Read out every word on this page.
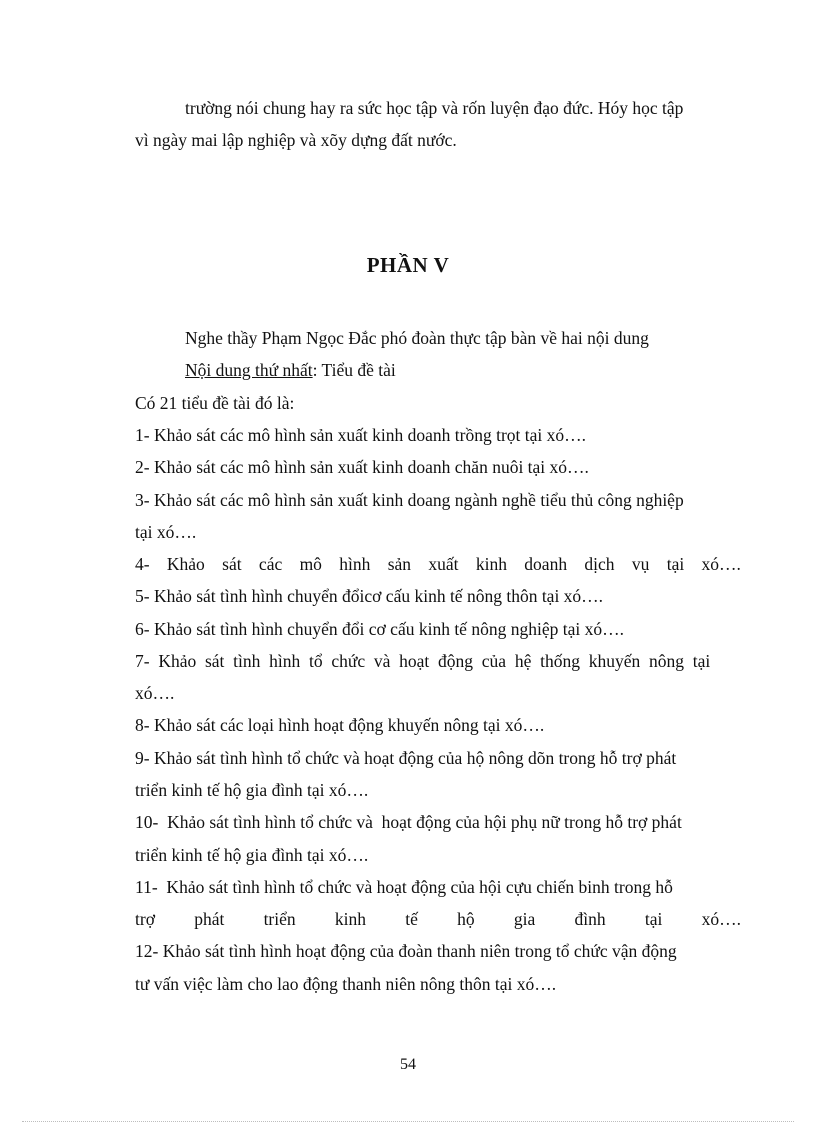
trường nói chung hay ra sức học tập và rốn luyện đạo đức. Hóy học tập
vì ngày mai lập nghiệp và xõy dựng đất nước.
PHẦN V
Nghe thầy Phạm Ngọc Đắc phó đoàn thực tập bàn về hai nội dung
Nội dung thứ nhất: Tiểu đề tài
Có 21 tiểu đề tài đó là:
1- Khảo sát các mô hình sản xuất kinh doanh trồng trọt tại xó….
2- Khảo sát các mô hình sản xuất kinh doanh chăn nuôi tại xó….
3- Khảo sát các mô hình sản xuất kinh doang ngành nghề tiểu thủ công nghiệp
tại xó….
4- Khảo sát các mô hình sản xuất kinh doanh dịch vụ tại xó….
5- Khảo sát tình hình chuyển đổicơ cấu kinh tế nông thôn tại xó….
6- Khảo sát tình hình chuyển đổi cơ cấu kinh tế nông nghiệp tại xó….
7-  Khảo  sát  tình  hình  tổ  chức  và  hoạt  động  của  hệ  thống  khuyến  nông  tại
xó….
8- Khảo sát các loại hình hoạt động khuyến nông tại xó….
9- Khảo sát tình hình tổ chức và hoạt động của hộ nông dõn trong hỗ trợ phát
triển kinh tế hộ gia đình tại xó….
10-  Khảo sát tình hình tổ chức và  hoạt động của hội phụ nữ trong hỗ trợ phát
triển kinh tế hộ gia đình tại xó….
11-  Khảo sát tình hình tổ chức và hoạt động của hội cựu chiến binh trong hỗ
trợ phát triển kinh tế hộ gia đình tại xó….
12- Khảo sát tình hình hoạt động của đoàn thanh niên trong tổ chức vận động
tư vấn việc làm cho lao động thanh niên nông thôn tại xó….
54
